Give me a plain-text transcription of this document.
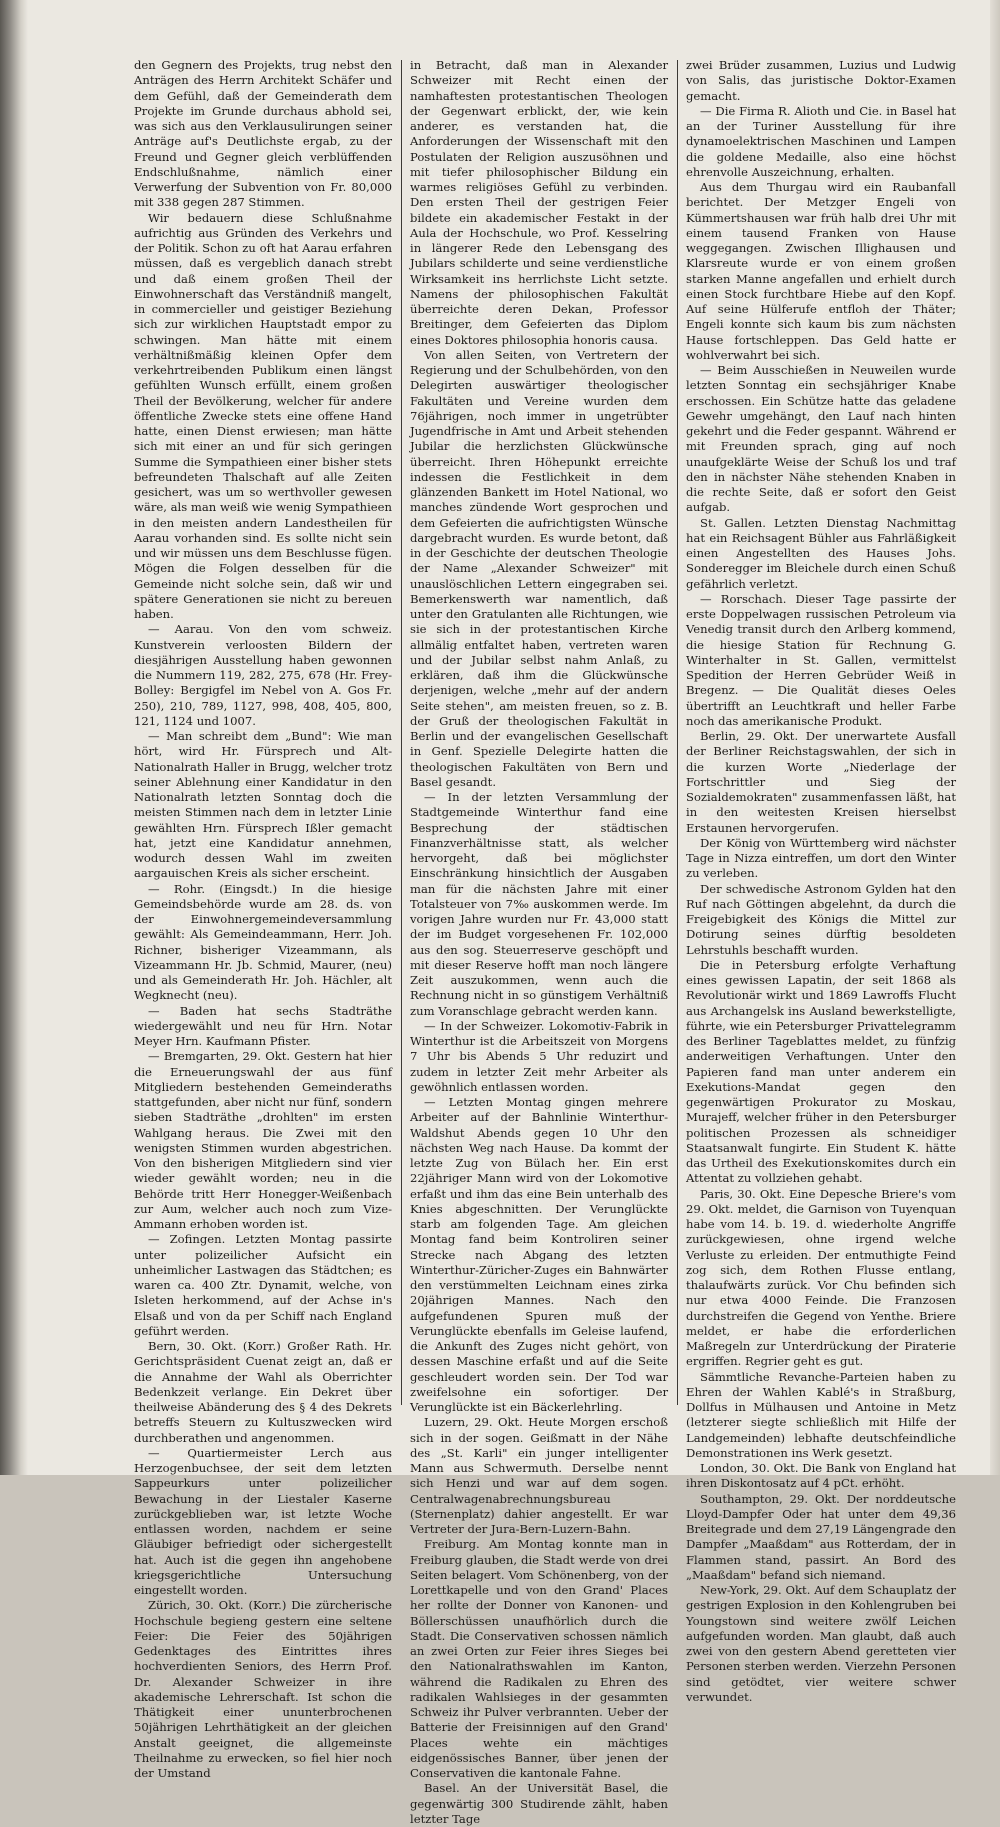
den Gegnern des Projekts, trug nebst den Anträgen des Herrn Architekt Schäfer und dem Gefühl, daß der Gemeinderath dem Projekte im Grunde durchaus abhold sei, was sich aus den Verklausulirungen seiner Anträge auf's Deutlichste ergab, zu der Freund und Gegner gleich verblüffenden Endschlußnahme, nämlich einer Verwerfung der Subvention von Fr. 80,000 mit 338 gegen 287 Stimmen.

Wir bedauern diese Schlußnahme aufrichtig aus Gründen des Verkehrs und der Politik. Schon zu oft hat Aarau erfahren müssen, daß es vergeblich danach strebt und daß einem großen Theil der Einwohnerschaft das Verständniß mangelt, in commercieller und geistiger Beziehung sich zur wirklichen Hauptstadt empor zu schwingen. Man hätte mit einem verhältnißmäßig kleinen Opfer dem verkehrtreibenden Publikum einen längst gefühlten Wunsch erfüllt, einem großen Theil der Bevölkerung, welcher für andere öffentliche Zwecke stets eine offene Hand hatte, einen Dienst erwiesen; man hätte sich mit einer an und für sich geringen Summe die Sympathieen einer bisher stets befreundeten Thalschaft auf alle Zeiten gesichert, was um so werthvoller gewesen wäre, als man weiß wie wenig Sympathieen in den meisten andern Landestheilen für Aarau vorhanden sind. Es sollte nicht sein und wir müssen uns dem Beschlusse fügen. Mögen die Folgen desselben für die Gemeinde nicht solche sein, daß wir und spätere Generationen sie nicht zu bereuen haben.

— Aarau. Von den vom schweiz. Kunstverein verloosten Bildern der diesjährigen Ausstellung haben gewonnen die Nummern 119, 282, 275, 678 (Hr. Frey-Bolley: Bergigfel im Nebel von A. Gos Fr. 250), 210, 789, 1127, 998, 408, 405, 800, 121, 1124 und 1007.

— Man schreibt dem „Bund": Wie man hört, wird Hr. Fürsprech und Alt-Nationalrath Haller in Brugg, welcher trotz seiner Ablehnung einer Kandidatur in den Nationalrath letzten Sonntag doch die meisten Stimmen nach dem in letzter Linie gewählten Hrn. Fürsprech Ißler gemacht hat, jetzt eine Kandidatur annehmen, wodurch dessen Wahl im zweiten aargauischen Kreis als sicher erscheint.

— Rohr. (Eingsdt.) In die hiesige Gemeindsbehörde wurde am 28. ds. von der Einwohnergemeindeversammlung gewählt: Als Gemeindeammann, Herr. Joh. Richner, bisheriger Vizeammann, als Vizeammann Hr. Jb. Schmid, Maurer, (neu) und als Gemeinderath Hr. Joh. Hächler, alt Wegknecht (neu).

— Baden hat sechs Stadträthe wiedergewählt und neu für Hrn. Notar Meyer Hrn. Kaufmann Pfister.

— Bremgarten, 29. Okt. Gestern hat hier die Erneuerungswahl der aus fünf Mitgliedern bestehenden Gemeinderaths stattgefunden, aber nicht nur fünf, sondern sieben Stadträthe „drohlten" im ersten Wahlgang heraus. Die Zwei mit den wenigsten Stimmen wurden abgestrichen. Von den bisherigen Mitgliedern sind vier wieder gewählt worden; neu in die Behörde tritt Herr Honegger-Weißenbach zur Aum, welcher auch noch zum Vize-Ammann erhoben worden ist.

— Zofingen. Letzten Montag passirte unter polizeilicher Aufsicht ein unheimlicher Lastwagen das Städtchen; es waren ca. 400 Ztr. Dynamit, welche, von Isleten herkommend, auf der Achse in's Elsaß und von da per Schiff nach England geführt werden.

Bern, 30. Okt. (Korr.) Großer Rath. Hr. Gerichtspräsident Cuenat zeigt an, daß er die Annahme der Wahl als Oberrichter Bedenkzeit verlange. Ein Dekret über theilweise Abänderung des § 4 des Dekrets betreffs Steuern zu Kultuszwecken wird durchberathen und angenommen.

— Quartiermeister Lerch aus Herzogenbuchsee, der seit dem letzten Sappeurkurs unter polizeilicher Bewachung in der Liestaler Kaserne zurückgeblieben war, ist letzte Woche entlassen worden, nachdem er seine Gläubiger befriedigt oder sichergestellt hat. Auch ist die gegen ihn angehobene kriegsgerichtliche Untersuchung eingestellt worden.

Zürich, 30. Okt. (Korr.) Die zürcherische Hochschule begieng gestern eine seltene Feier: Die Feier des 50jährigen Gedenktages des Eintrittes ihres hochverdienten Seniors, des Herrn Prof. Dr. Alexander Schweizer in ihre akademische Lehrerschaft. Ist schon die Thätigkeit einer ununterbrochenen 50jährigen Lehrthätigkeit an der gleichen Anstalt geeignet, die allgemeinste Theilnahme zu erwecken, so fiel hier noch der Umstand

in Betracht, daß man in Alexander Schweizer mit Recht einen der namhaftesten protestantischen Theologen der Gegenwart erblickt, der, wie kein anderer, es verstanden hat, die Anforderungen der Wissenschaft mit den Postulaten der Religion auszusöhnen und mit tiefer philosophischer Bildung ein warmes religiöses Gefühl zu verbinden. Den ersten Theil der gestrigen Feier bildete ein akademischer Festakt in der Aula der Hochschule, wo Prof. Kesselring in längerer Rede den Lebensgang des Jubilars schilderte und seine verdienstliche Wirksamkeit ins herrlichste Licht setzte. Namens der philosophischen Fakultät überreichte deren Dekan, Professor Breitinger, dem Gefeierten das Diplom eines Doktores philosophia honoris causa.

Von allen Seiten, von Vertretern der Regierung und der Schulbehörden, von den Delegirten auswärtiger theologischer Fakultäten und Vereine wurden dem 76jährigen, noch immer in ungetrübter Jugendfrische in Amt und Arbeit stehenden Jubilar die herzlichsten Glückwünsche überreicht. Ihren Höhepunkt erreichte indessen die Festlichkeit in dem glänzenden Bankett im Hotel National, wo manches zündende Wort gesprochen und dem Gefeierten die aufrichtigsten Wünsche dargebracht wurden. Es wurde betont, daß in der Geschichte der deutschen Theologie der Name „Alexander Schweizer" mit unauslöschlichen Lettern eingegraben sei. Bemerkenswerth war namentlich, daß unter den Gratulanten alle Richtungen, wie sie sich in der protestantischen Kirche allmälig entfaltet haben, vertreten waren und der Jubilar selbst nahm Anlaß, zu erklären, daß ihm die Glückwünsche derjenigen, welche „mehr auf der andern Seite stehen", am meisten freuen, so z. B. der Gruß der theologischen Fakultät in Berlin und der evangelischen Gesellschaft in Genf. Spezielle Delegirte hatten die theologischen Fakultäten von Bern und Basel gesandt.

— In der letzten Versammlung der Stadtgemeinde Winterthur fand eine Besprechung der städtischen Finanzverhältnisse statt, als welcher hervorgeht, daß bei möglichster Einschränkung hinsichtlich der Ausgaben man für die nächsten Jahre mit einer Totalsteuer von 7‰ auskommen werde. Im vorigen Jahre wurden nur Fr. 43,000 statt der im Budget vorgesehenen Fr. 102,000 aus den sog. Steuerreserve geschöpft und mit dieser Reserve hofft man noch längere Zeit auszukommen, wenn auch die Rechnung nicht in so günstigem Verhältniß zum Voranschlage gebracht werden kann.

— In der Schweizer. Lokomotiv-Fabrik in Winterthur ist die Arbeitszeit von Morgens 7 Uhr bis Abends 5 Uhr reduzirt und zudem in letzter Zeit mehr Arbeiter als gewöhnlich entlassen worden.

— Letzten Montag gingen mehrere Arbeiter auf der Bahnlinie Winterthur-Waldshut Abends gegen 10 Uhr den nächsten Weg nach Hause. Da kommt der letzte Zug von Bülach her. Ein erst 22jähriger Mann wird von der Lokomotive erfaßt und ihm das eine Bein unterhalb des Knies abgeschnitten. Der Verunglückte starb am folgenden Tage. Am gleichen Montag fand beim Kontroliren seiner Strecke nach Abgang des letzten Winterthur-Züricher-Zuges ein Bahnwärter den verstümmelten Leichnam eines zirka 20jährigen Mannes. Nach den aufgefundenen Spuren muß der Verunglückte ebenfalls im Geleise laufend, die Ankunft des Zuges nicht gehört, von dessen Maschine erfaßt und auf die Seite geschleudert worden sein. Der Tod war zweifelsohne ein sofortiger. Der Verunglückte ist ein Bäckerlehrling.

Luzern, 29. Okt. Heute Morgen erschoß sich in der sogen. Geißmatt in der Nähe des „St. Karli" ein junger intelligenter Mann aus Schwermuth. Derselbe nennt sich Henzi und war auf dem sogen. Centralwagenabrechnungsbureau (Sternenplatz) dahier angestellt. Er war Vertreter der Jura-Bern-Luzern-Bahn.

Freiburg. Am Montag konnte man in Freiburg glauben, die Stadt werde von drei Seiten belagert. Vom Schönenberg, von der Lorettkapelle und von den Grand' Places her rollte der Donner von Kanonen- und Böllerschüssen unaufhörlich durch die Stadt. Die Conservativen schossen nämlich an zwei Orten zur Feier ihres Sieges bei den Nationalrathswahlen im Kanton, während die Radikalen zu Ehren des radikalen Wahlsieges in der gesammten Schweiz ihr Pulver verbrannten. Ueber der Batterie der Freisinnigen auf den Grand' Places wehte ein mächtiges eidgenössisches Banner, über jenen der Conservativen die kantonale Fahne.

Basel. An der Universität Basel, die gegenwärtig 300 Studirende zählt, haben letzter Tage

zwei Brüder zusammen, Luzius und Ludwig von Salis, das juristische Doktor-Examen gemacht.

— Die Firma R. Alioth und Cie. in Basel hat an der Turiner Ausstellung für ihre dynamoelektrischen Maschinen und Lampen die goldene Medaille, also eine höchst ehrenvolle Auszeichnung, erhalten.

Aus dem Thurgau wird ein Raubanfall berichtet. Der Metzger Engeli von Kümmertshausen war früh halb drei Uhr mit einem tausend Franken von Hause weggegangen. Zwischen Illighausen und Klarsreute wurde er von einem großen starken Manne angefallen und erhielt durch einen Stock furchtbare Hiebe auf den Kopf. Auf seine Hülferufe entfloh der Thäter; Engeli konnte sich kaum bis zum nächsten Hause fortschleppen. Das Geld hatte er wohlverwahrt bei sich.

— Beim Ausschießen in Neuweilen wurde letzten Sonntag ein sechsjähriger Knabe erschossen. Ein Schütze hatte das geladene Gewehr umgehängt, den Lauf nach hinten gekehrt und die Feder gespannt. Während er mit Freunden sprach, ging auf noch unaufgeklärte Weise der Schuß los und traf den in nächster Nähe stehenden Knaben in die rechte Seite, daß er sofort den Geist aufgab.

St. Gallen. Letzten Dienstag Nachmittag hat ein Reichsagent Bühler aus Fahrläßigkeit einen Angestellten des Hauses Johs. Sonderegger im Bleichele durch einen Schuß gefährlich verletzt.

— Rorschach. Dieser Tage passirte der erste Doppelwagen russischen Petroleum via Venedig transit durch den Arlberg kommend, die hiesige Station für Rechnung G. Winterhalter in St. Gallen, vermittelst Spedition der Herren Gebrüder Weiß in Bregenz. — Die Qualität dieses Oeles übertrifft an Leuchtkraft und heller Farbe noch das amerikanische Produkt.

Berlin, 29. Okt. Der unerwartete Ausfall der Berliner Reichstagswahlen, der sich in die kurzen Worte „Niederlage der Fortschrittler und Sieg der Sozialdemokraten" zusammenfassen läßt, hat in den weitesten Kreisen hierselbst Erstaunen hervorgerufen.

Der König von Württemberg wird nächster Tage in Nizza eintreffen, um dort den Winter zu verleben.

Der schwedische Astronom Gylden hat den Ruf nach Göttingen abgelehnt, da durch die Freigebigkeit des Königs die Mittel zur Dotirung seines dürftig besoldeten Lehrstuhls beschafft wurden.

Die in Petersburg erfolgte Verhaftung eines gewissen Lapatin, der seit 1868 als Revolutionär wirkt und 1869 Lawroffs Flucht aus Archangelsk ins Ausland bewerkstelligte, führte, wie ein Petersburger Privattelegramm des Berliner Tageblattes meldet, zu fünfzig anderweitigen Verhaftungen. Unter den Papieren fand man unter anderem ein Exekutions-Mandat gegen den gegenwärtigen Prokurator zu Moskau, Murajeff, welcher früher in den Petersburger politischen Prozessen als schneidiger Staatsanwalt fungirte. Ein Student K. hätte das Urtheil des Exekutionskomites durch ein Attentat zu vollziehen gehabt.

Paris, 30. Okt. Eine Depesche Briere's vom 29. Okt. meldet, die Garnison von Tuyenquan habe vom 14. b. 19. d. wiederholte Angriffe zurückgewiesen, ohne irgend welche Verluste zu erleiden. Der entmuthigte Feind zog sich, dem Rothen Flusse entlang, thalaufwärts zurück. Vor Chu befinden sich nur etwa 4000 Feinde. Die Franzosen durchstreifen die Gegend von Yenthe. Briere meldet, er habe die erforderlichen Maßregeln zur Unterdrückung der Piraterie ergriffen. Regrier geht es gut.

Sämmtliche Revanche-Parteien haben zu Ehren der Wahlen Kablé's in Straßburg, Dollfus in Mülhausen und Antoine in Metz (letzterer siegte schließlich mit Hilfe der Landgemeinden) lebhafte deutschfeindliche Demonstrationen ins Werk gesetzt.

London, 30. Okt. Die Bank von England hat ihren Diskontosatz auf 4 pCt. erhöht.

Southampton, 29. Okt. Der norddeutsche Lloyd-Dampfer Oder hat unter dem 49,36 Breitegrade und dem 27,19 Längengrade den Dampfer „Maaßdam" aus Rotterdam, der in Flammen stand, passirt. An Bord des „Maaßdam" befand sich niemand.

New-York, 29. Okt. Auf dem Schauplatz der gestrigen Explosion in den Kohlengruben bei Youngstown sind weitere zwölf Leichen aufgefunden worden. Man glaubt, daß auch zwei von den gestern Abend geretteten vier Personen sterben werden. Vierzehn Personen sind getödtet, vier weitere schwer verwundet.
